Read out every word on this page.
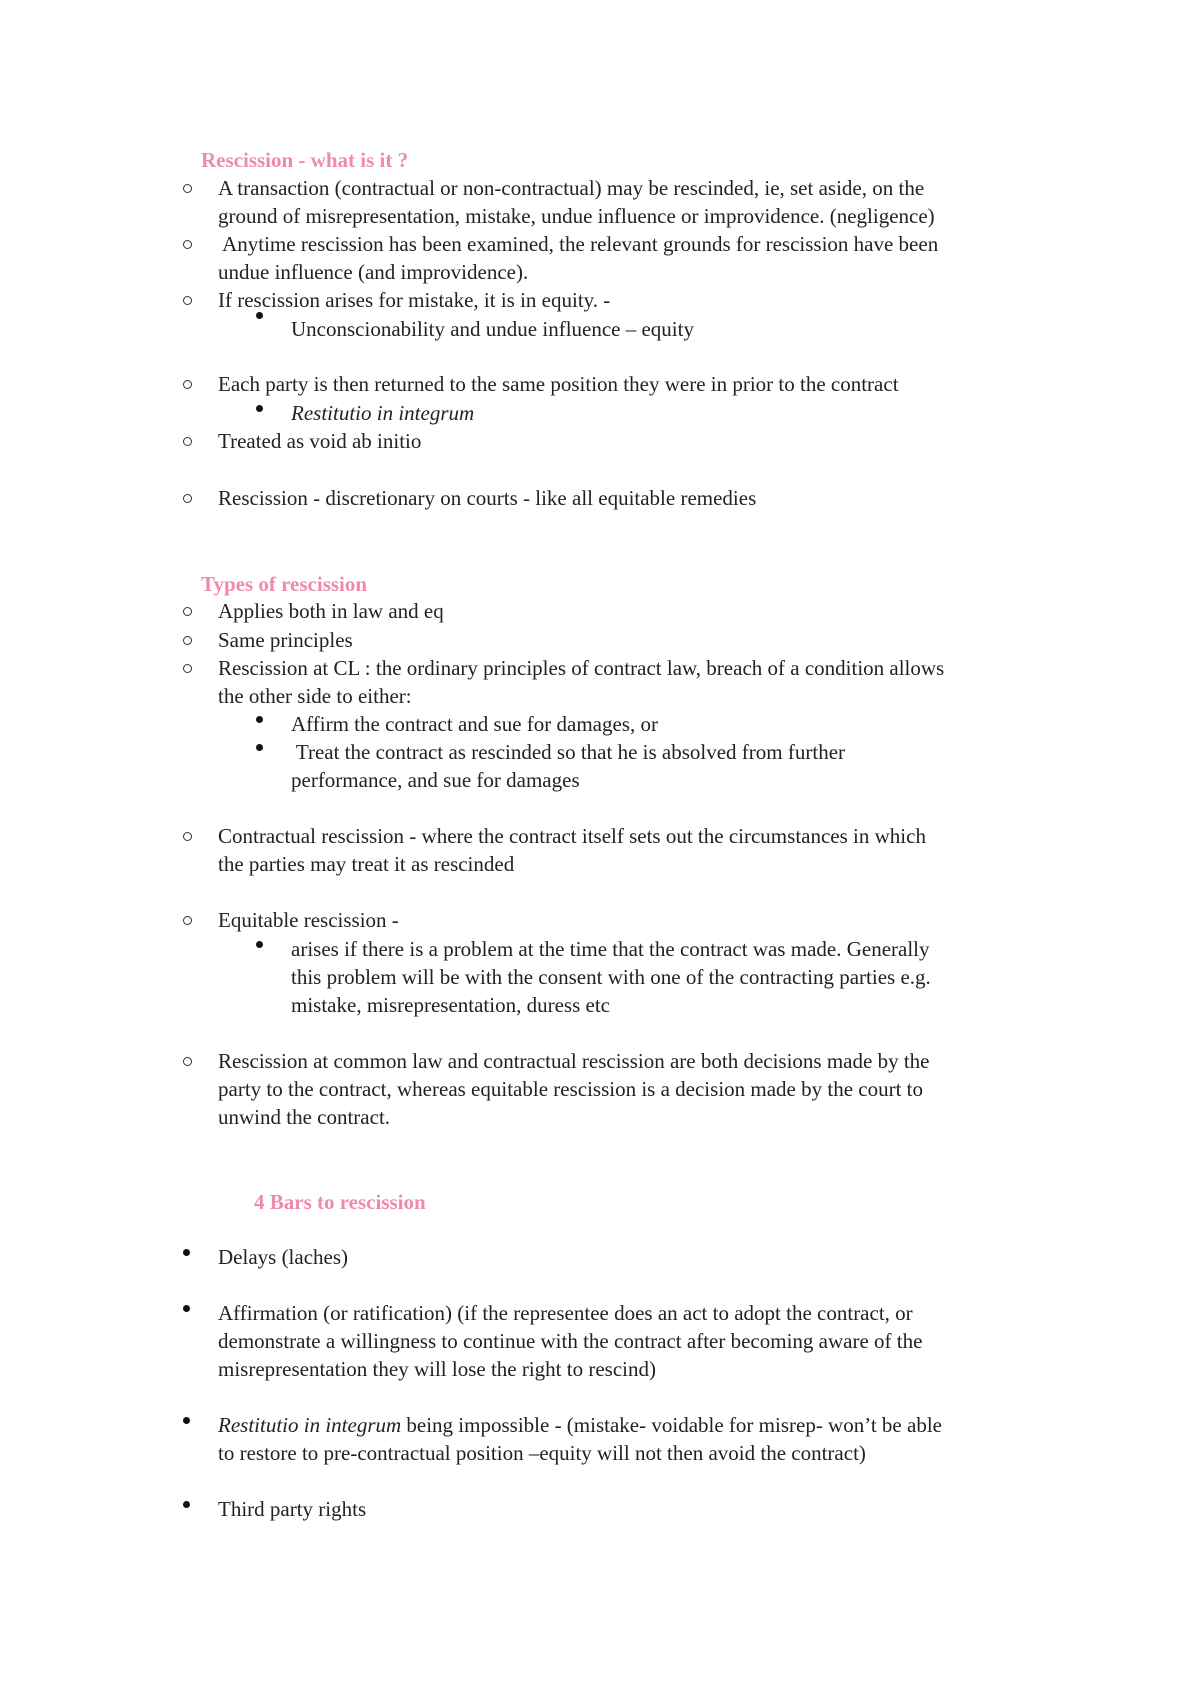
Rescission - what is it ?
A transaction (contractual or non-contractual) may be rescinded, ie, set aside, on the
ground of misrepresentation, mistake, undue influence or improvidence. (negligence)
Anytime rescission has been examined, the relevant grounds for rescission have been
undue influence (and improvidence).
If rescission arises for mistake, it is in equity. -
Unconscionability and undue influence – equity
Each party is then returned to the same position they were in prior to the contract
Restitutio in integrum
Treated as void ab initio
Rescission - discretionary on courts - like all equitable remedies
Types of rescission
Applies both in law and eq
Same principles
Rescission at CL : the ordinary principles of contract law, breach of a condition allows
the other side to either:
Affirm the contract and sue for damages, or
Treat the contract as rescinded so that he is absolved from further
performance, and sue for damages
Contractual rescission - where the contract itself sets out the circumstances in which
the parties may treat it as rescinded
Equitable rescission -
arises if there is a problem at the time that the contract was made. Generally
this problem will be with the consent with one of the contracting parties e.g.
mistake, misrepresentation, duress etc
Rescission at common law and contractual rescission are both decisions made by the
party to the contract, whereas equitable rescission is a decision made by the court to
unwind the contract.
4 Bars to rescission
Delays (laches)
Affirmation (or ratification) (if the representee does an act to adopt the contract, or
demonstrate a willingness to continue with the contract after becoming aware of the
misrepresentation they will lose the right to rescind)
Restitutio in integrum being impossible - (mistake- voidable for misrep- won’t be able
to restore to pre-contractual position –equity will not then avoid the contract)
Third party rights
